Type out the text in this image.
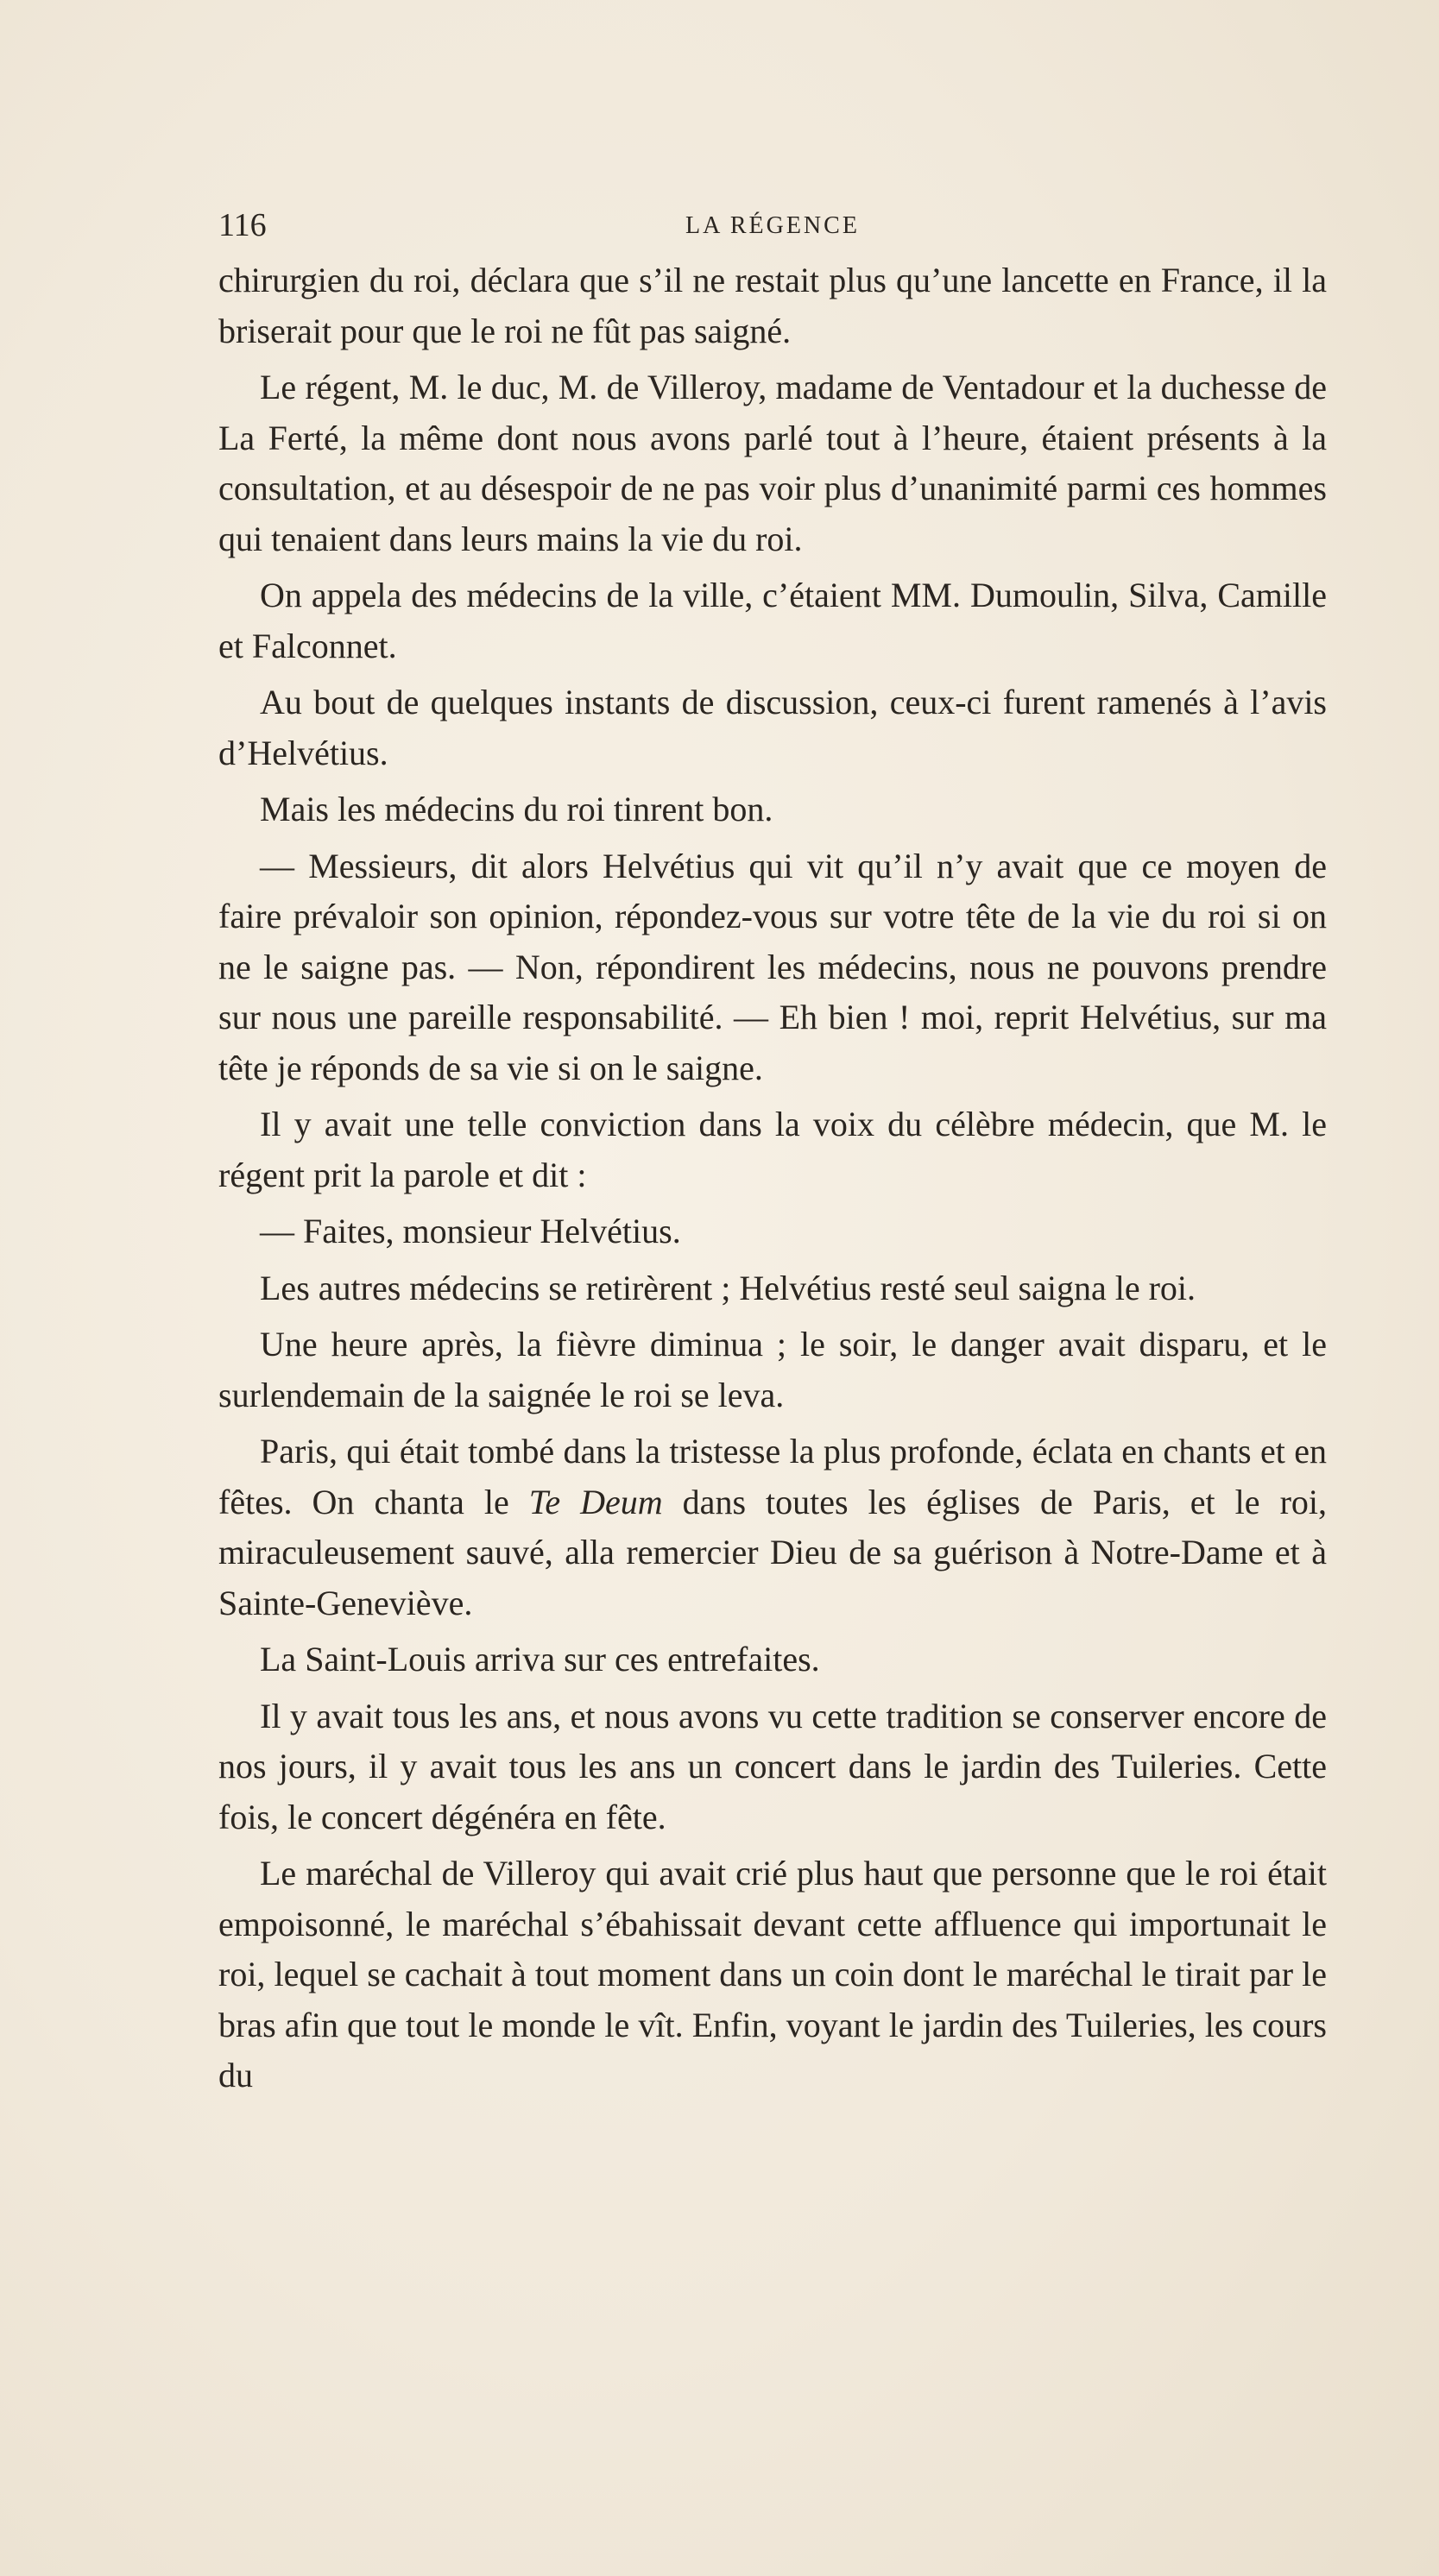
116	LA RÉGENCE

chirurgien du roi, déclara que s’il ne restait plus qu’une lancette en France, il la briserait pour que le roi ne fût pas saigné.

Le régent, M. le duc, M. de Villeroy, madame de Ventadour et la duchesse de La Ferté, la même dont nous avons parlé tout à l’heure, étaient présents à la consultation, et au désespoir de ne pas voir plus d’unanimité parmi ces hommes qui tenaient dans leurs mains la vie du roi.

On appela des médecins de la ville, c’étaient MM. Dumoulin, Silva, Camille et Falconnet.

Au bout de quelques instants de discussion, ceux-ci furent ramenés à l’avis d’Helvétius.

Mais les médecins du roi tinrent bon.

— Messieurs, dit alors Helvétius qui vit qu’il n’y avait que ce moyen de faire prévaloir son opinion, répondez-vous sur votre tête de la vie du roi si on ne le saigne pas. — Non, répondirent les médecins, nous ne pouvons prendre sur nous une pareille responsabilité. — Eh bien ! moi, reprit Helvétius, sur ma tête je réponds de sa vie si on le saigne.

Il y avait une telle conviction dans la voix du célèbre médecin, que M. le régent prit la parole et dit :

— Faites, monsieur Helvétius.

Les autres médecins se retirèrent ; Helvétius resté seul saigna le roi.

Une heure après, la fièvre diminua ; le soir, le danger avait disparu, et le surlendemain de la saignée le roi se leva.

Paris, qui était tombé dans la tristesse la plus profonde, éclata en chants et en fêtes. On chanta le Te Deum dans toutes les églises de Paris, et le roi, miraculeusement sauvé, alla remercier Dieu de sa guérison à Notre-Dame et à Sainte-Geneviève.

La Saint-Louis arriva sur ces entrefaites.

Il y avait tous les ans, et nous avons vu cette tradition se conserver encore de nos jours, il y avait tous les ans un concert dans le jardin des Tuileries. Cette fois, le concert dégénéra en fête.

Le maréchal de Villeroy qui avait crié plus haut que personne que le roi était empoisonné, le maréchal s’ébahissait devant cette affluence qui importunait le roi, lequel se cachait à tout moment dans un coin dont le maréchal le tirait par le bras afin que tout le monde le vît. Enfin, voyant le jardin des Tuileries, les cours du
